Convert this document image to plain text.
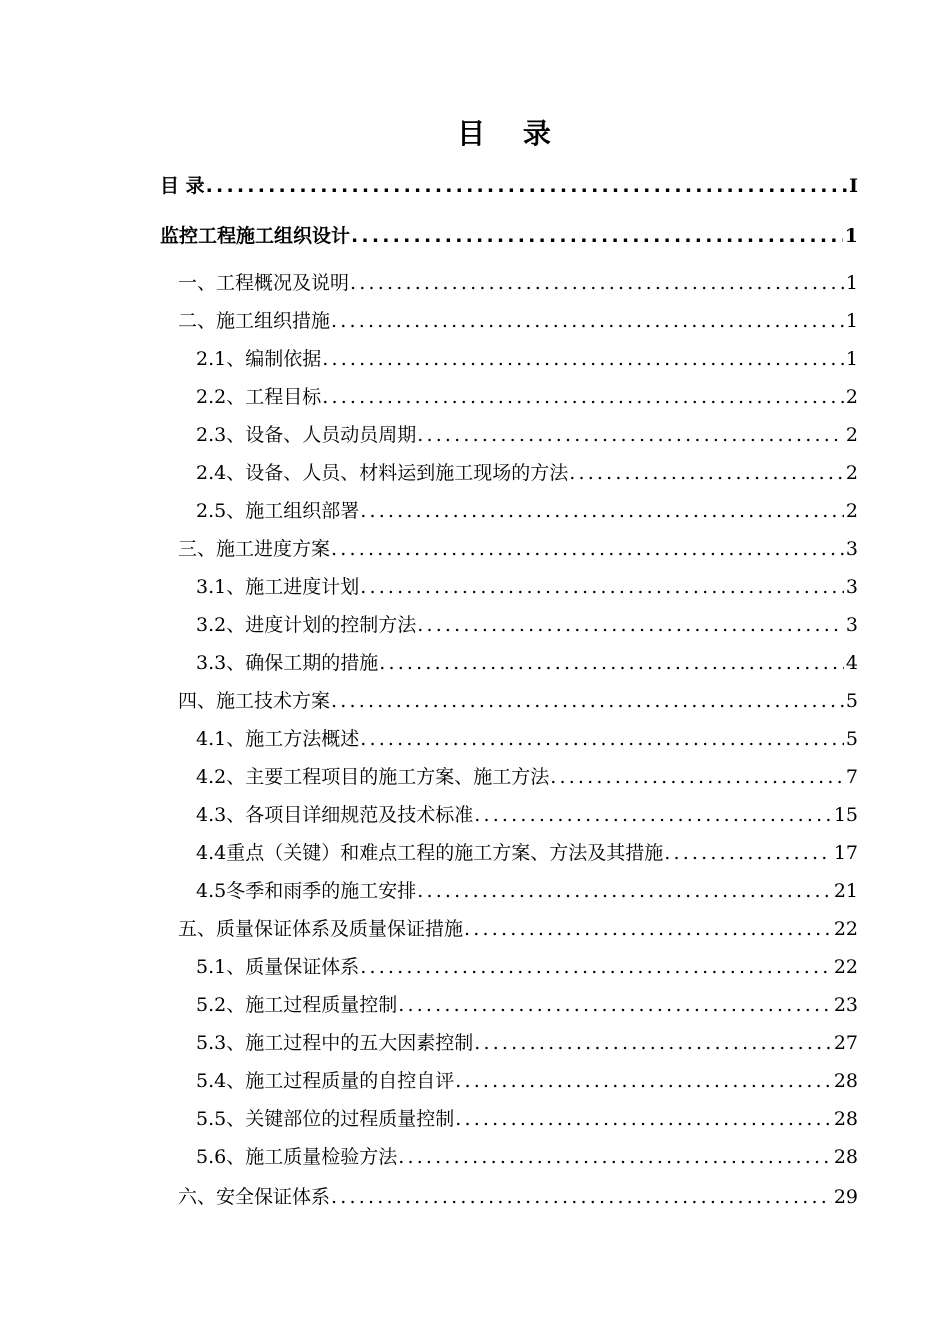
目 录
目 录 .....	I
监控工程施工组织设计 .....	1
一、工程概况及说明 .....	1
二、施工组织措施 .....	1
2.1、编制依据 .....	1
2.2、工程目标 .....	2
2.3、设备、人员动员周期 .....	2
2.4、设备、人员、材料运到施工现场的方法 .....	2
2.5、施工组织部署 .....	2
三、施工进度方案 .....	3
3.1、施工进度计划 .....	3
3.2、进度计划的控制方法 .....	3
3.3、确保工期的措施 .....	4
四、施工技术方案 .....	5
4.1、施工方法概述 .....	5
4.2、主要工程项目的施工方案、施工方法 .....	7
4.3、各项目详细规范及技术标准 .....	15
4.4重点（关键）和难点工程的施工方案、方法及其措施 .....	17
4.5冬季和雨季的施工安排 .....	21
五、质量保证体系及质量保证措施 .....	22
5.1、质量保证体系 .....	22
5.2、施工过程质量控制 .....	23
5.3、施工过程中的五大因素控制 .....	27
5.4、施工过程质量的自控自评 .....	28
5.5、关键部位的过程质量控制 .....	28
5.6、施工质量检验方法 .....	28
六、安全保证体系 .....	29
